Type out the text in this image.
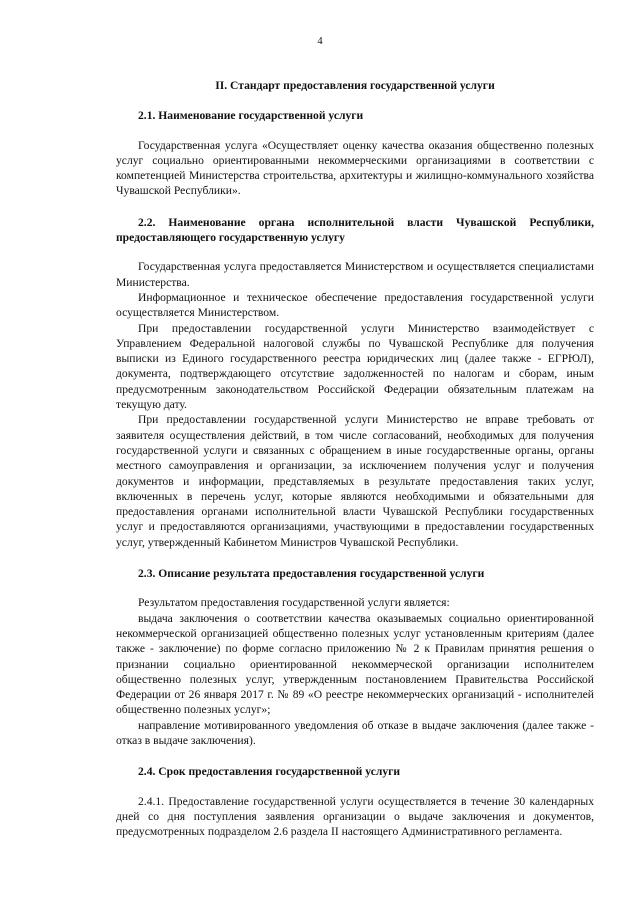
4
II. Стандарт предоставления государственной услуги
2.1. Наименование государственной услуги

Государственная услуга «Осуществляет оценку качества оказания общественно полезных услуг социально ориентированными некоммерческими организациями в соответствии с компетенцией Министерства строительства, архитектуры и жилищно-коммунального хозяйства Чувашской Республики».

2.2. Наименование органа исполнительной власти Чувашской Республики, предоставляющего государственную услугу

Государственная услуга предоставляется Министерством и осуществляется специалистами Министерства.

Информационное и техническое обеспечение предоставления государственной услуги осуществляется Министерством.

При предоставлении государственной услуги Министерство взаимодействует с Управлением Федеральной налоговой службы по Чувашской Республике для получения выписки из Единого государственного реестра юридических лиц (далее также - ЕГРЮЛ), документа, подтверждающего отсутствие задолженностей по налогам и сборам, иным предусмотренным законодательством Российской Федерации обязательным платежам на текущую дату.

При предоставлении государственной услуги Министерство не вправе требовать от заявителя осуществления действий, в том числе согласований, необходимых для получения государственной услуги и связанных с обращением в иные государственные органы, органы местного самоуправления и организации, за исключением получения услуг и получения документов и информации, представляемых в результате предоставления таких услуг, включенных в перечень услуг, которые являются необходимыми и обязательными для предоставления органами исполнительной власти Чувашской Республики государственных услуг и предоставляются организациями, участвующими в предоставлении государственных услуг, утвержденный Кабинетом Министров Чувашской Республики.

2.3. Описание результата предоставления государственной услуги

Результатом предоставления государственной услуги является:

выдача заключения о соответствии качества оказываемых социально ориентированной некоммерческой организацией общественно полезных услуг установленным критериям (далее также - заключение) по форме согласно приложению № 2 к Правилам принятия решения о признании социально ориентированной некоммерческой организации исполнителем общественно полезных услуг, утвержденным постановлением Правительства Российской Федерации от 26 января 2017 г. № 89 «О реестре некоммерческих организаций - исполнителей общественно полезных услуг»;

направление мотивированного уведомления об отказе в выдаче заключения (далее также - отказ в выдаче заключения).

2.4. Срок предоставления государственной услуги

2.4.1. Предоставление государственной услуги осуществляется в течение 30 календарных дней со дня поступления заявления организации о выдаче заключения и документов, предусмотренных подразделом 2.6 раздела II настоящего Административного регламента.
